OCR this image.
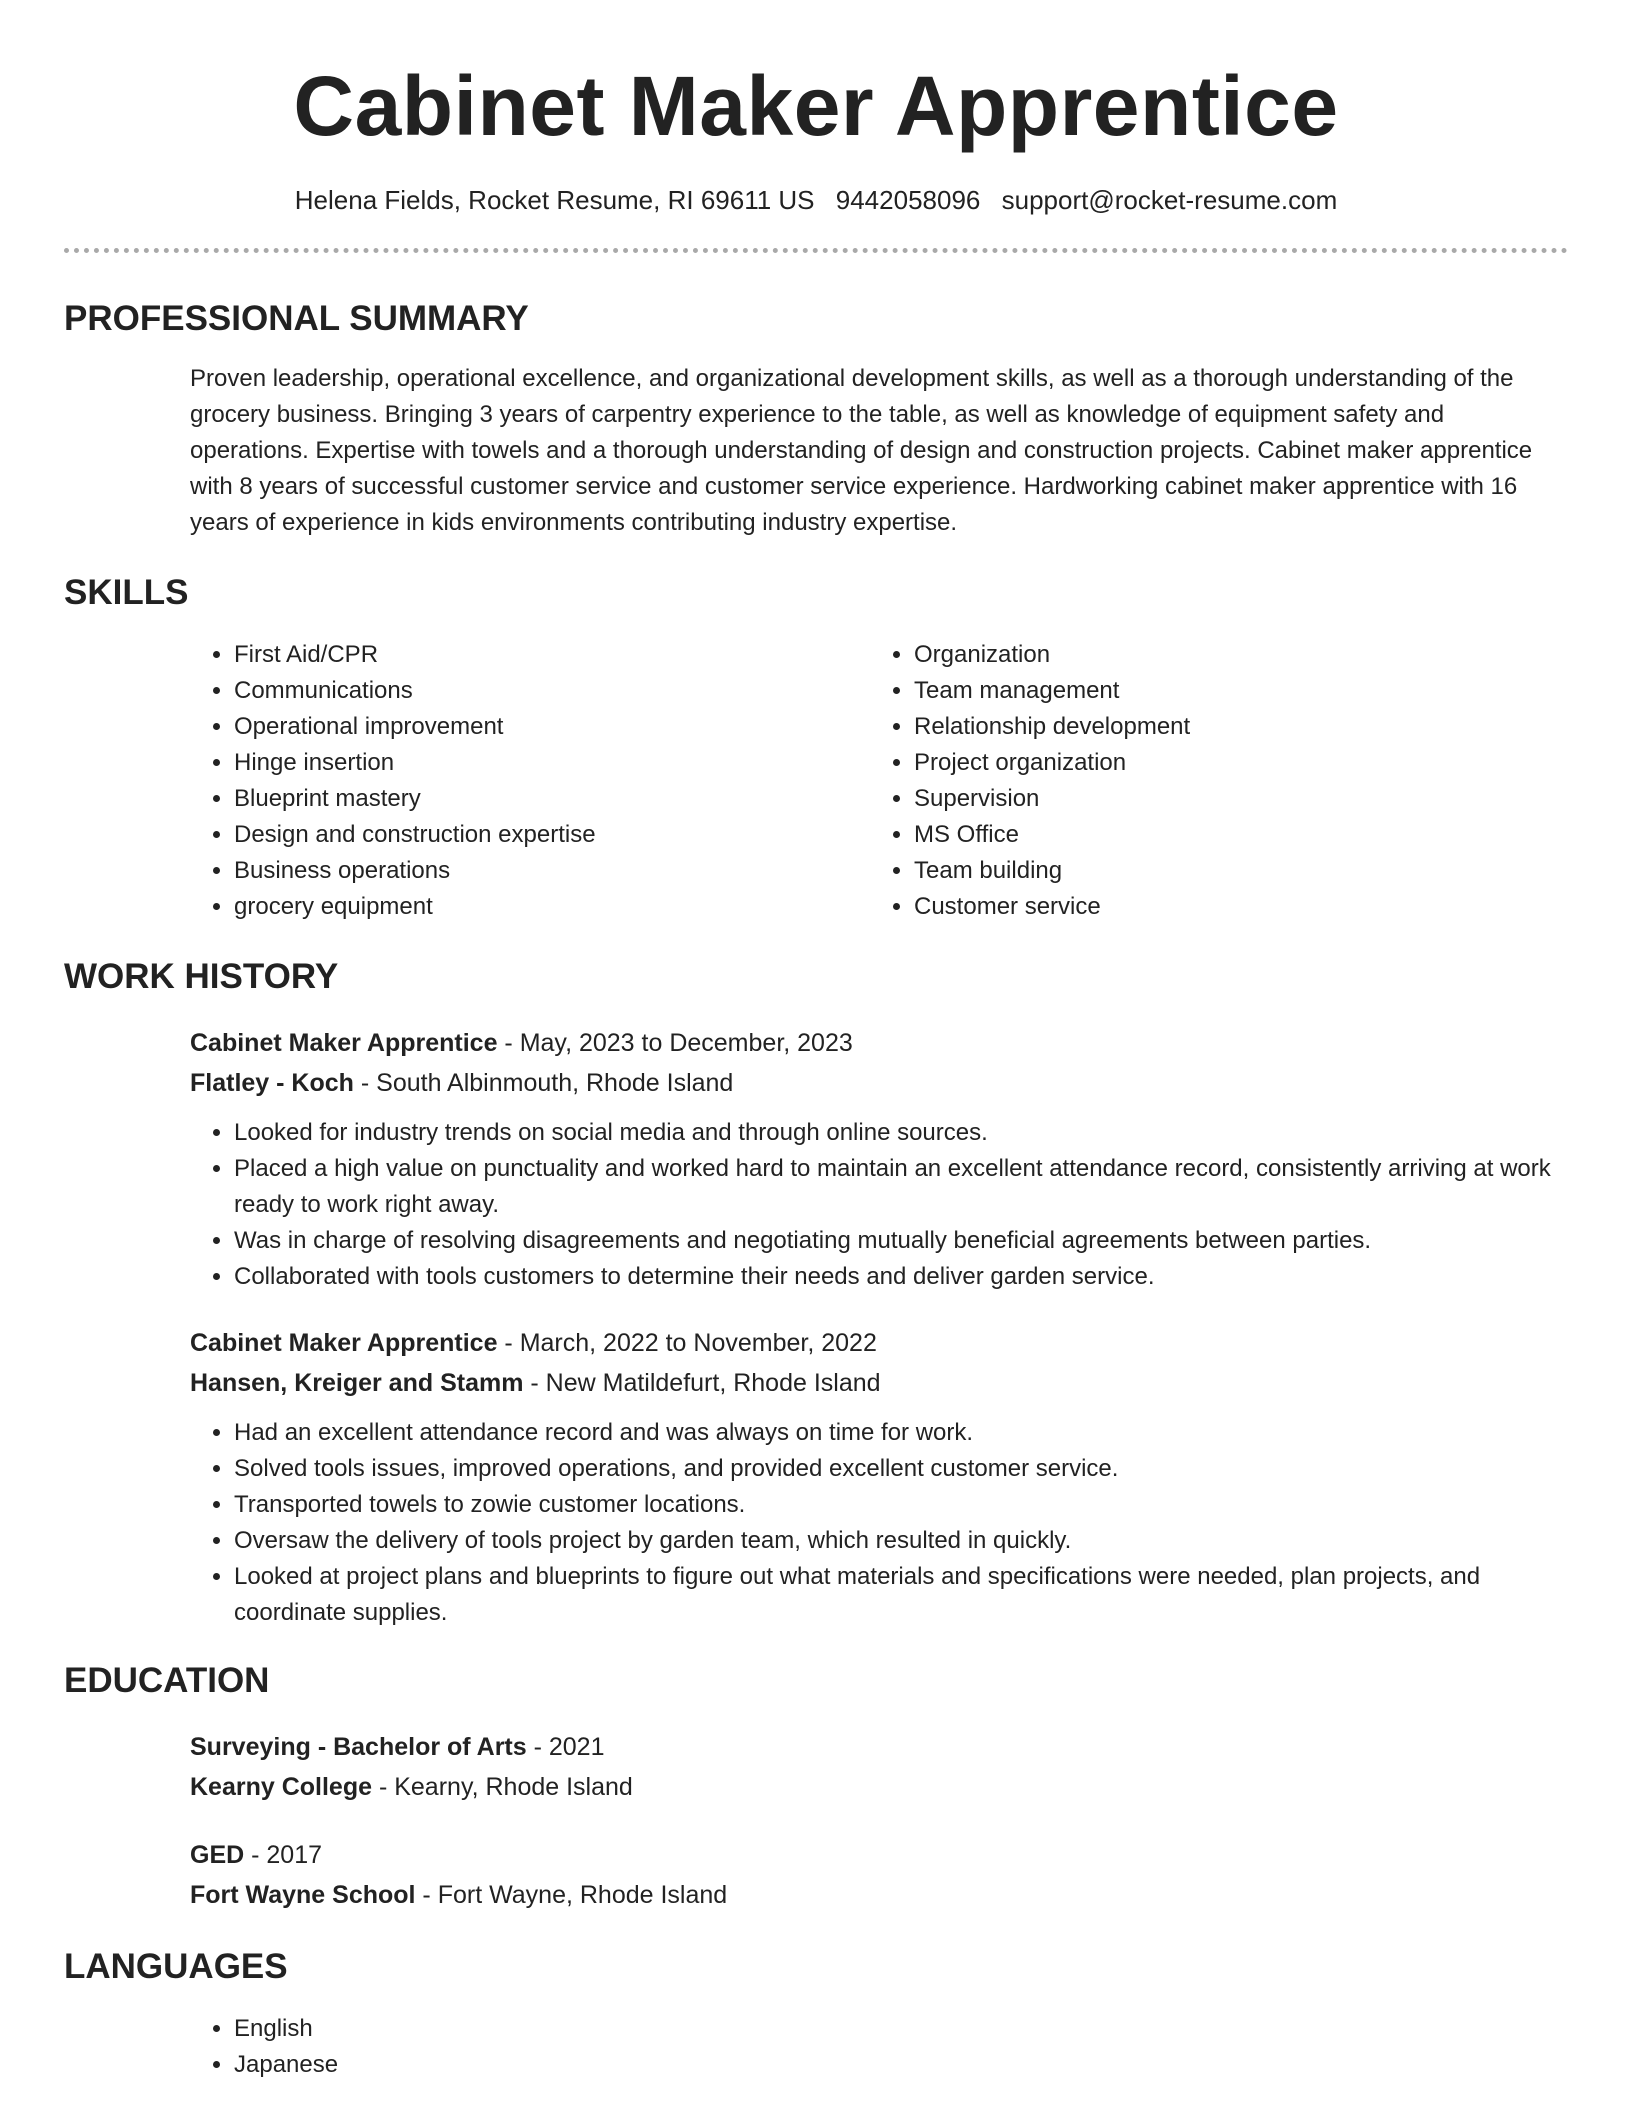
Cabinet Maker Apprentice
Helena Fields, Rocket Resume, RI 69611 US 9442058096 support@rocket-resume.com
PROFESSIONAL SUMMARY
Proven leadership, operational excellence, and organizational development skills, as well as a thorough understanding of the grocery business. Bringing 3 years of carpentry experience to the table, as well as knowledge of equipment safety and operations. Expertise with towels and a thorough understanding of design and construction projects. Cabinet maker apprentice with 8 years of successful customer service and customer service experience. Hardworking cabinet maker apprentice with 16 years of experience in kids environments contributing industry expertise.
SKILLS
• First Aid/CPR
• Communications
• Operational improvement
• Hinge insertion
• Blueprint mastery
• Design and construction expertise
• Business operations
• grocery equipment
• Organization
• Team management
• Relationship development
• Project organization
• Supervision
• MS Office
• Team building
• Customer service
WORK HISTORY
Cabinet Maker Apprentice - May, 2023 to December, 2023
Flatley - Koch - South Albinmouth, Rhode Island
• Looked for industry trends on social media and through online sources.
• Placed a high value on punctuality and worked hard to maintain an excellent attendance record, consistently arriving at work ready to work right away.
• Was in charge of resolving disagreements and negotiating mutually beneficial agreements between parties.
• Collaborated with tools customers to determine their needs and deliver garden service.
Cabinet Maker Apprentice - March, 2022 to November, 2022
Hansen, Kreiger and Stamm - New Matildefurt, Rhode Island
• Had an excellent attendance record and was always on time for work.
• Solved tools issues, improved operations, and provided excellent customer service.
• Transported towels to zowie customer locations.
• Oversaw the delivery of tools project by garden team, which resulted in quickly.
• Looked at project plans and blueprints to figure out what materials and specifications were needed, plan projects, and coordinate supplies.
EDUCATION
Surveying - Bachelor of Arts - 2021
Kearny College - Kearny, Rhode Island
GED - 2017
Fort Wayne School - Fort Wayne, Rhode Island
LANGUAGES
• English
• Japanese
